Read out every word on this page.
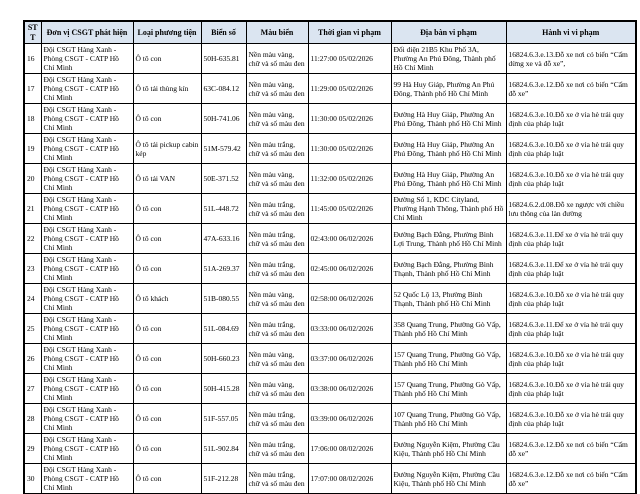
STT	Đơn vị CSGT phát hiện	Loại phương tiện	Biển số	Màu biển	Thời gian vi phạm	Địa bàn vi phạm	Hành vi vi phạm
16	Đội CSGT Hàng Xanh - Phòng CSGT - CATP Hồ Chí Minh	Ô tô con	50H-635.81	Nền màu vàng, chữ và số màu đen	11:27:00 05/02/2026	Đối diện 21B5 Khu Phố 3A, Phường An Phú Đông, Thành phố Hồ Chí Minh	16824.6.3.e.13.Đỗ xe nơi có biển “Cấm dừng xe và đỗ xe”,
17	Đội CSGT Hàng Xanh - Phòng CSGT - CATP Hồ Chí Minh	Ô tô tải thùng kín	63C-084.12	Nền màu vàng, chữ và số màu đen	11:29:00 05/02/2026	99 Hà Huy Giáp, Phường An Phú Đông, Thành phố Hồ Chí Minh	16824.6.3.e.12.Đỗ xe nơi có biển “Cấm đỗ xe”
18	Đội CSGT Hàng Xanh - Phòng CSGT - CATP Hồ Chí Minh	Ô tô con	50H-741.06	Nền màu vàng, chữ và số màu đen	11:30:00 05/02/2026	Đường Hà Huy Giáp, Phường An Phú Đông, Thành phố Hồ Chí Minh	16824.6.3.e.10.Đỗ xe ở vỉa hè trái quy định của pháp luật
19	Đội CSGT Hàng Xanh - Phòng CSGT - CATP Hồ Chí Minh	Ô tô tải pickup cabin kép	51M-579.42	Nền màu trắng, chữ và số màu đen	11:30:00 05/02/2026	Đường Hà Huy Giáp, Phường An Phú Đông, Thành phố Hồ Chí Minh	16824.6.3.e.10.Đỗ xe ở vỉa hè trái quy định của pháp luật
20	Đội CSGT Hàng Xanh - Phòng CSGT - CATP Hồ Chí Minh	Ô tô tải VAN	50E-371.52	Nền màu vàng, chữ và số màu đen	11:32:00 05/02/2026	Đường Hà Huy Giáp, Phường An Phú Đông, Thành phố Hồ Chí Minh	16824.6.3.e.10.Đỗ xe ở vỉa hè trái quy định của pháp luật
21	Đội CSGT Hàng Xanh - Phòng CSGT - CATP Hồ Chí Minh	Ô tô con	51L-448.72	Nền màu trắng, chữ và số màu đen	11:45:00 05/02/2026	Đường Số 1, KDC Cityland, Phường Hạnh Thông, Thành phố Hồ Chí Minh	16824.6.2.d.08.Đỗ xe ngược với chiều lưu thông của làn đường
22	Đội CSGT Hàng Xanh - Phòng CSGT - CATP Hồ Chí Minh	Ô tô con	47A-633.16	Nền màu trắng, chữ và số màu đen	02:43:00 06/02/2026	Đường Bạch Đằng, Phường Bình Lợi Trung, Thành phố Hồ Chí Minh	16824.6.3.e.11.Để xe ở vỉa hè trái quy định của pháp luật
23	Đội CSGT Hàng Xanh - Phòng CSGT - CATP Hồ Chí Minh	Ô tô con	51A-269.37	Nền màu trắng, chữ và số màu đen	02:45:00 06/02/2026	Đường Bạch Đằng, Phường Bình Thạnh, Thành phố Hồ Chí Minh	16824.6.3.e.11.Để xe ở vỉa hè trái quy định của pháp luật
24	Đội CSGT Hàng Xanh - Phòng CSGT - CATP Hồ Chí Minh	Ô tô khách	51B-080.55	Nền màu vàng, chữ và số màu đen	02:58:00 06/02/2026	52 Quốc Lộ 13, Phường Bình Thạnh, Thành phố Hồ Chí Minh	16824.6.3.e.10.Đỗ xe ở vỉa hè trái quy định của pháp luật
25	Đội CSGT Hàng Xanh - Phòng CSGT - CATP Hồ Chí Minh	Ô tô con	51L-084.69	Nền màu trắng, chữ và số màu đen	03:33:00 06/02/2026	358 Quang Trung, Phường Gò Vấp, Thành phố Hồ Chí Minh	16824.6.3.e.11.Để xe ở vỉa hè trái quy định của pháp luật
26	Đội CSGT Hàng Xanh - Phòng CSGT - CATP Hồ Chí Minh	Ô tô con	50H-660.23	Nền màu vàng, chữ và số màu đen	03:37:00 06/02/2026	157 Quang Trung, Phường Gò Vấp, Thành phố Hồ Chí Minh	16824.6.3.e.10.Đỗ xe ở vỉa hè trái quy định của pháp luật
27	Đội CSGT Hàng Xanh - Phòng CSGT - CATP Hồ Chí Minh	Ô tô con	50H-415.28	Nền màu vàng, chữ và số màu đen	03:38:00 06/02/2026	157 Quang Trung, Phường Gò Vấp, Thành phố Hồ Chí Minh	16824.6.3.e.10.Đỗ xe ở vỉa hè trái quy định của pháp luật
28	Đội CSGT Hàng Xanh - Phòng CSGT - CATP Hồ Chí Minh	Ô tô con	51F-557.05	Nền màu trắng, chữ và số màu đen	03:39:00 06/02/2026	107 Quang Trung, Phường Gò Vấp, Thành phố Hồ Chí Minh	16824.6.3.e.10.Đỗ xe ở vỉa hè trái quy định của pháp luật
29	Đội CSGT Hàng Xanh - Phòng CSGT - CATP Hồ Chí Minh	Ô tô con	51L-902.84	Nền màu trắng, chữ và số màu đen	17:06:00 08/02/2026	Đường Nguyễn Kiệm, Phường Cầu Kiệu, Thành phố Hồ Chí Minh	16824.6.3.e.12.Đỗ xe nơi có biển “Cấm đỗ xe”
30	Đội CSGT Hàng Xanh - Phòng CSGT - CATP Hồ Chí Minh	Ô tô con	51F-212.28	Nền màu trắng, chữ và số màu đen	17:07:00 08/02/2026	Đường Nguyễn Kiệm, Phường Cầu Kiệu, Thành phố Hồ Chí Minh	16824.6.3.e.12.Đỗ xe nơi có biển “Cấm đỗ xe”
